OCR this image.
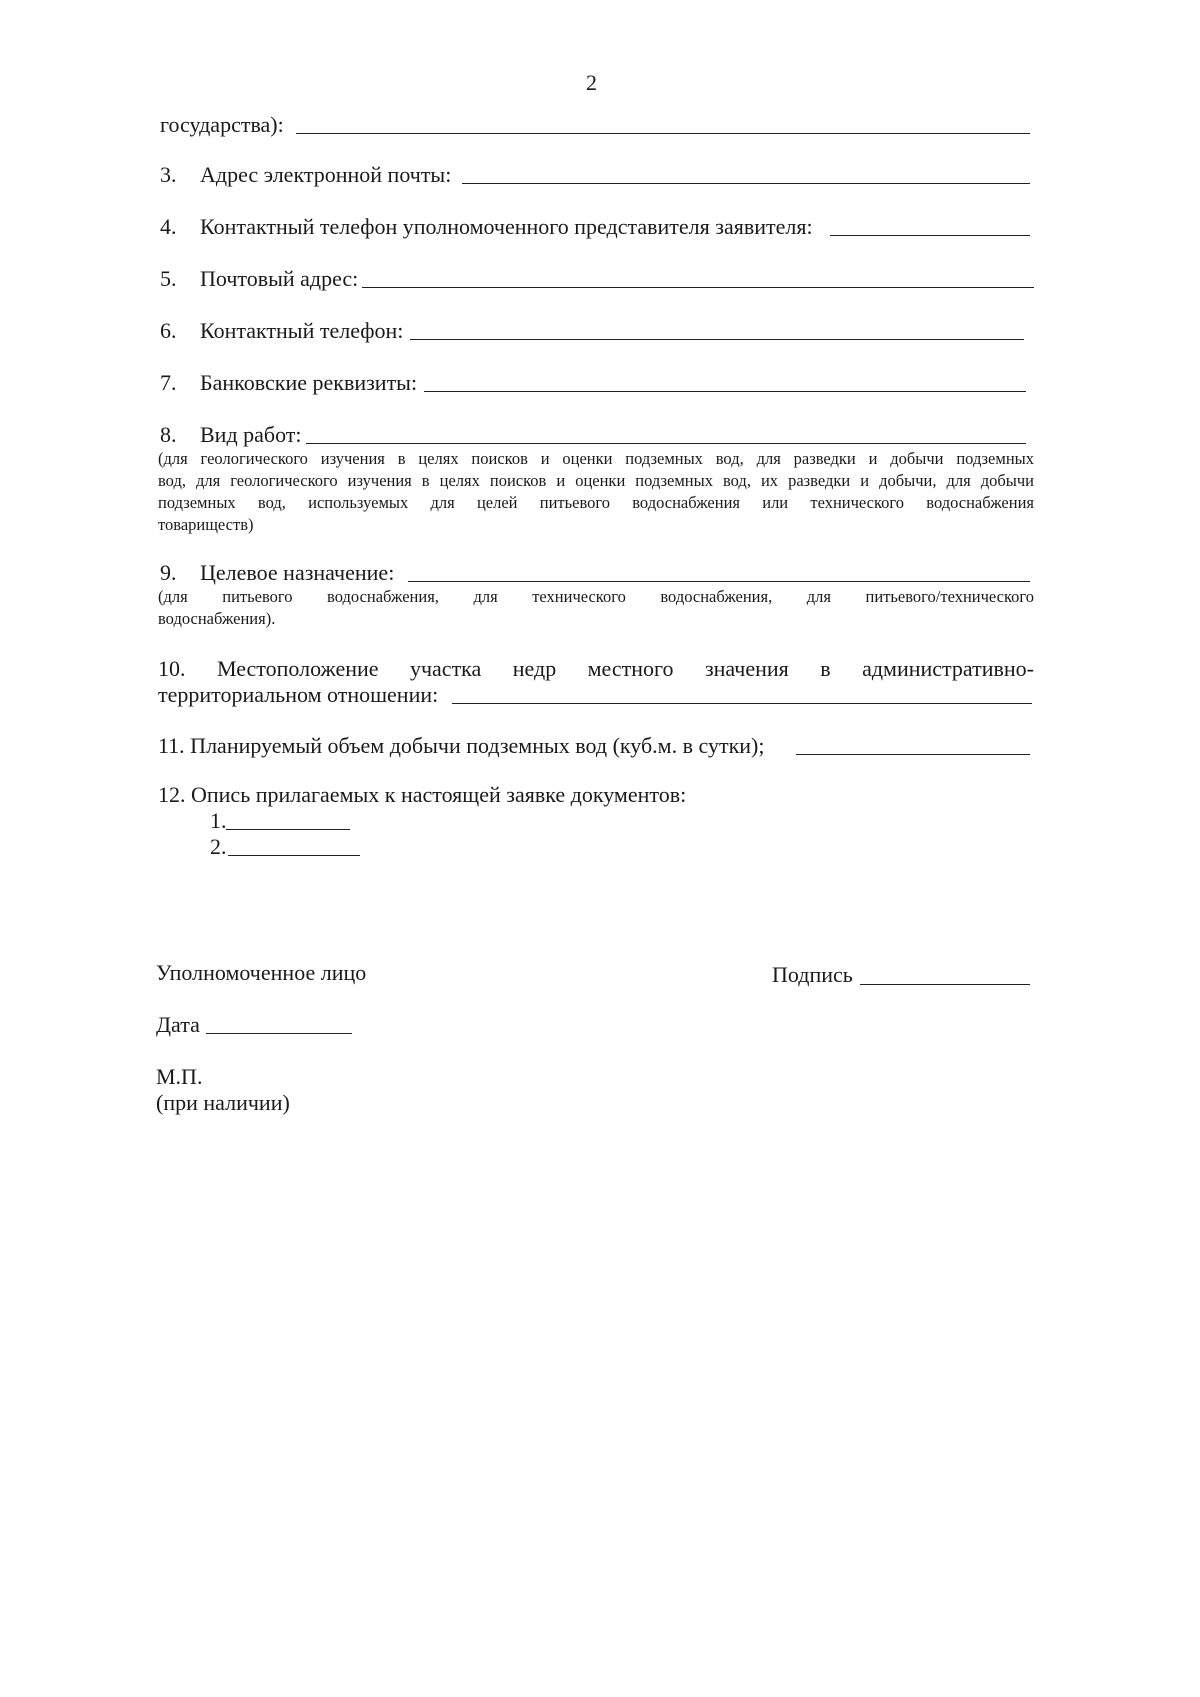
2
государства):
3. Адрес электронной почты:
4. Контактный телефон уполномоченного представителя заявителя:
5. Почтовый адрес:
6. Контактный телефон:
7. Банковские реквизиты:
8. Вид работ:
(для геологического изучения в целях поисков и оценки подземных вод, для разведки и добычи подземных
вод, для геологического изучения в целях поисков и оценки подземных вод, их разведки и добычи, для добычи
подземных вод, используемых для целей питьевого водоснабжения или технического водоснабжения
товариществ)
9. Целевое назначение:
(для питьевого водоснабжения, для технического водоснабжения, для питьевого/технического
водоснабжения).
10. Местоположение участка недр местного значения в административно-
территориальном отношении:
11. Планируемый объем добычи подземных вод (куб.м. в сутки);
12. Опись прилагаемых к настоящей заявке документов:
1.
2.
Уполномоченное лицо	Подпись
Дата
М.П.
(при наличии)
